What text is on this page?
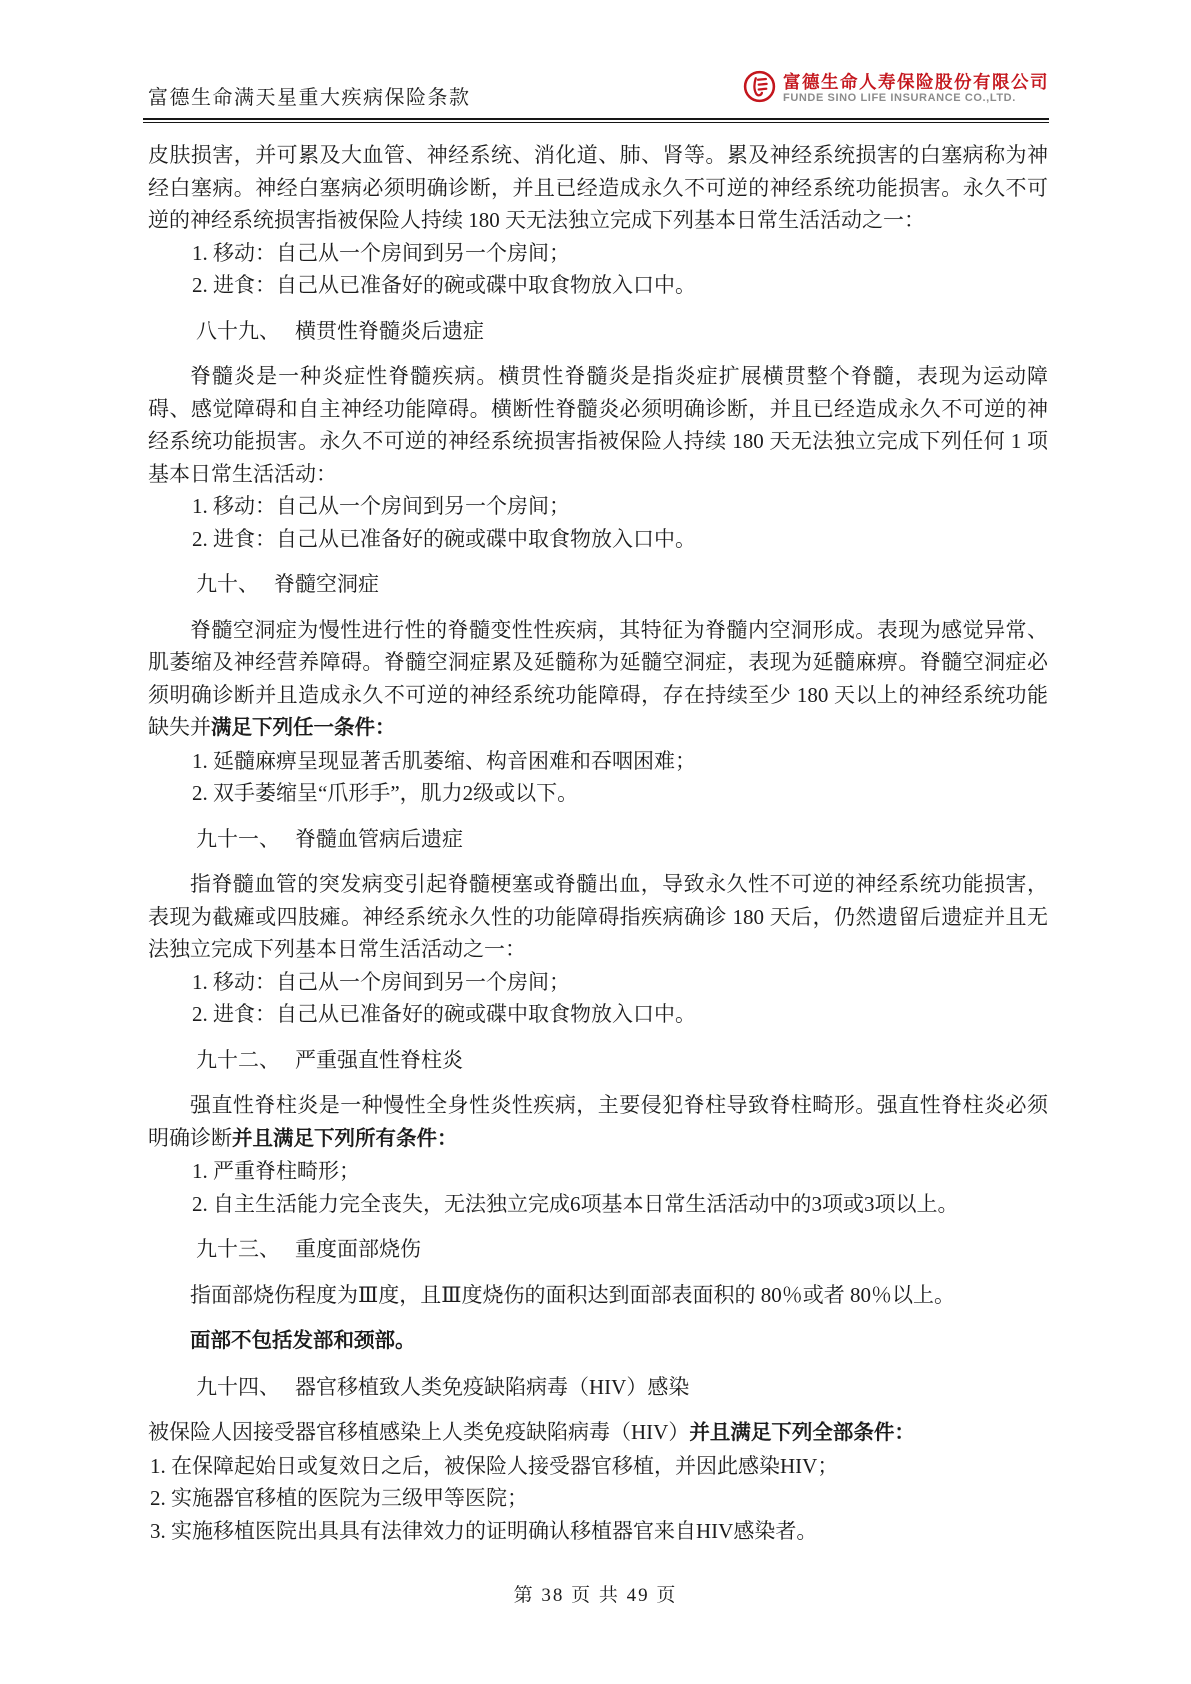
富德生命满天星重大疾病保险条款
富德生命人寿保险股份有限公司
FUNDE SINO LIFE INSURANCE CO.,LTD.
皮肤损害，并可累及大血管、神经系统、消化道、肺、肾等。累及神经系统损害的白塞病称为神经白塞病。神经白塞病必须明确诊断，并且已经造成永久不可逆的神经系统功能损害。永久不可逆的神经系统损害指被保险人持续 180 天无法独立完成下列基本日常生活活动之一：
1. 移动：自己从一个房间到另一个房间；
2. 进食：自己从已准备好的碗或碟中取食物放入口中。
八十九、 横贯性脊髓炎后遗症
脊髓炎是一种炎症性脊髓疾病。横贯性脊髓炎是指炎症扩展横贯整个脊髓，表现为运动障碍、感觉障碍和自主神经功能障碍。横断性脊髓炎必须明确诊断，并且已经造成永久不可逆的神经系统功能损害。永久不可逆的神经系统损害指被保险人持续 180 天无法独立完成下列任何 1 项基本日常生活活动：
1. 移动：自己从一个房间到另一个房间；
2. 进食：自己从已准备好的碗或碟中取食物放入口中。
九十、 脊髓空洞症
脊髓空洞症为慢性进行性的脊髓变性性疾病，其特征为脊髓内空洞形成。表现为感觉异常、肌萎缩及神经营养障碍。脊髓空洞症累及延髓称为延髓空洞症，表现为延髓麻痹。脊髓空洞症必须明确诊断并且造成永久不可逆的神经系统功能障碍，存在持续至少 180 天以上的神经系统功能缺失并满足下列任一条件：
1. 延髓麻痹呈现显著舌肌萎缩、构音困难和吞咽困难；
2. 双手萎缩呈“爪形手”，肌力2级或以下。
九十一、 脊髓血管病后遗症
指脊髓血管的突发病变引起脊髓梗塞或脊髓出血，导致永久性不可逆的神经系统功能损害，表现为截瘫或四肢瘫。神经系统永久性的功能障碍指疾病确诊 180 天后，仍然遗留后遗症并且无法独立完成下列基本日常生活活动之一：
1. 移动：自己从一个房间到另一个房间；
2. 进食：自己从已准备好的碗或碟中取食物放入口中。
九十二、 严重强直性脊柱炎
强直性脊柱炎是一种慢性全身性炎性疾病，主要侵犯脊柱导致脊柱畸形。强直性脊柱炎必须明确诊断并且满足下列所有条件：
1. 严重脊柱畸形；
2. 自主生活能力完全丧失，无法独立完成6项基本日常生活活动中的3项或3项以上。
九十三、 重度面部烧伤
指面部烧伤程度为Ⅲ度，且Ⅲ度烧伤的面积达到面部表面积的 80％或者 80％以上。
面部不包括发部和颈部。
九十四、 器官移植致人类免疫缺陷病毒（HIV）感染
被保险人因接受器官移植感染上人类免疫缺陷病毒（HIV）并且满足下列全部条件：
1. 在保障起始日或复效日之后，被保险人接受器官移植，并因此感染HIV；
2. 实施器官移植的医院为三级甲等医院；
3. 实施移植医院出具具有法律效力的证明确认移植器官来自HIV感染者。
第 38 页 共 49 页
